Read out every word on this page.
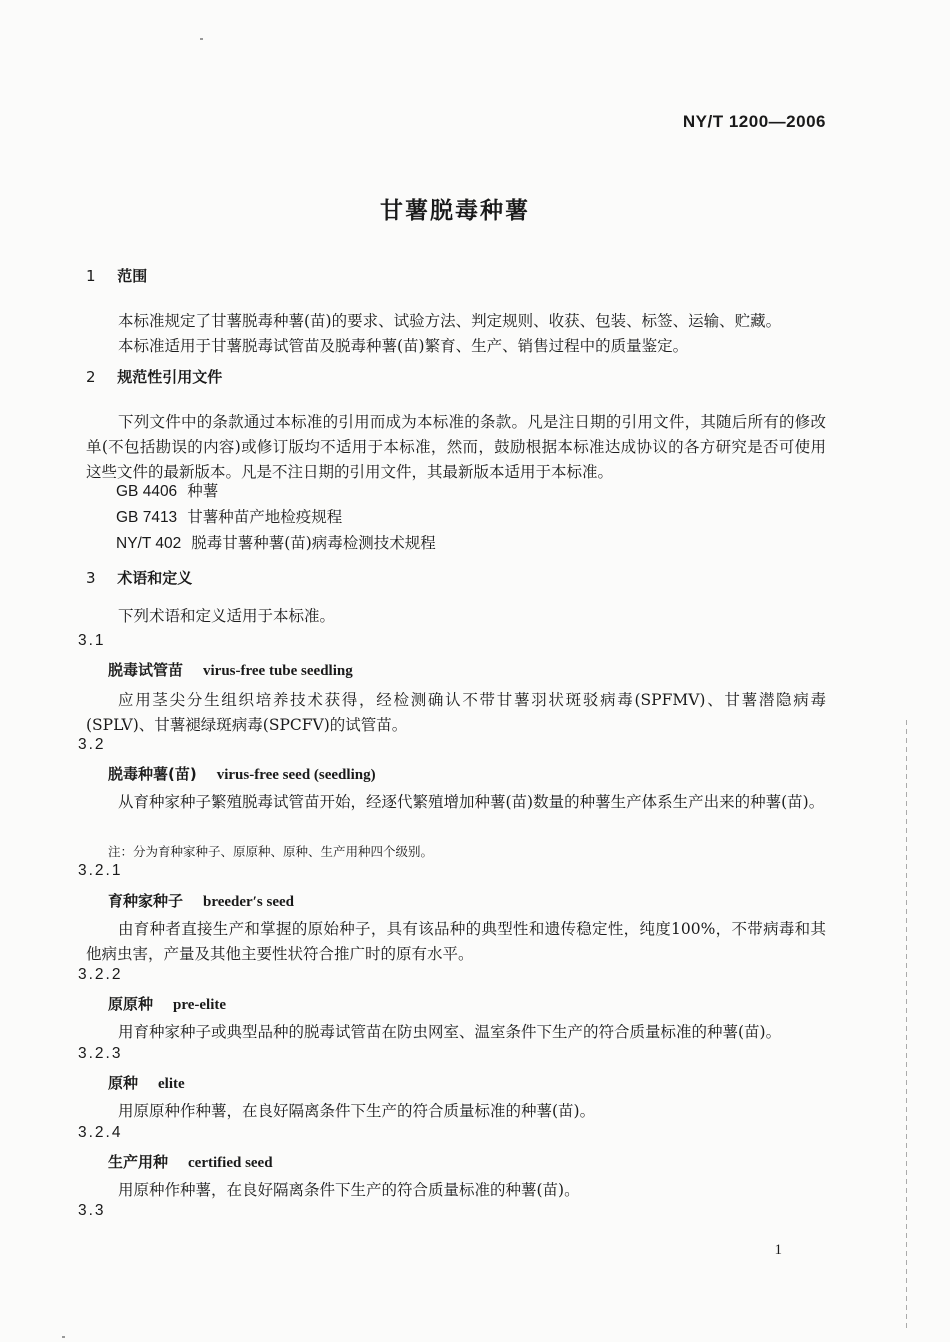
NY/T 1200—2006
甘薯脱毒种薯
1 范围
本标准规定了甘薯脱毒种薯(苗)的要求、试验方法、判定规则、收获、包装、标签、运输、贮藏。
本标准适用于甘薯脱毒试管苗及脱毒种薯(苗)繁育、生产、销售过程中的质量鉴定。
2 规范性引用文件
下列文件中的条款通过本标准的引用而成为本标准的条款。凡是注日期的引用文件，其随后所有的修改单(不包括勘误的内容)或修订版均不适用于本标准，然而，鼓励根据本标准达成协议的各方研究是否可使用这些文件的最新版本。凡是不注日期的引用文件，其最新版本适用于本标准。
GB 4406 种薯
GB 7413 甘薯种苗产地检疫规程
NY/T 402 脱毒甘薯种薯(苗)病毒检测技术规程
3 术语和定义
下列术语和定义适用于本标准。
3.1
脱毒试管苗 virus-free tube seedling
应用茎尖分生组织培养技术获得，经检测确认不带甘薯羽状斑驳病毒(SPFMV)、甘薯潜隐病毒(SPLV)、甘薯褪绿斑病毒(SPCFV)的试管苗。
3.2
脱毒种薯(苗) virus-free seed (seedling)
从育种家种子繁殖脱毒试管苗开始，经逐代繁殖增加种薯(苗)数量的种薯生产体系生产出来的种薯(苗)。
注：分为育种家种子、原原种、原种、生产用种四个级别。
3.2.1
育种家种子 breeder′s seed
由育种者直接生产和掌握的原始种子，具有该品种的典型性和遗传稳定性，纯度100%，不带病毒和其他病虫害，产量及其他主要性状符合推广时的原有水平。
3.2.2
原原种 pre-elite
用育种家种子或典型品种的脱毒试管苗在防虫网室、温室条件下生产的符合质量标准的种薯(苗)。
3.2.3
原种 elite
用原原种作种薯，在良好隔离条件下生产的符合质量标准的种薯(苗)。
3.2.4
生产用种 certified seed
用原种作种薯，在良好隔离条件下生产的符合质量标准的种薯(苗)。
3.3
1
